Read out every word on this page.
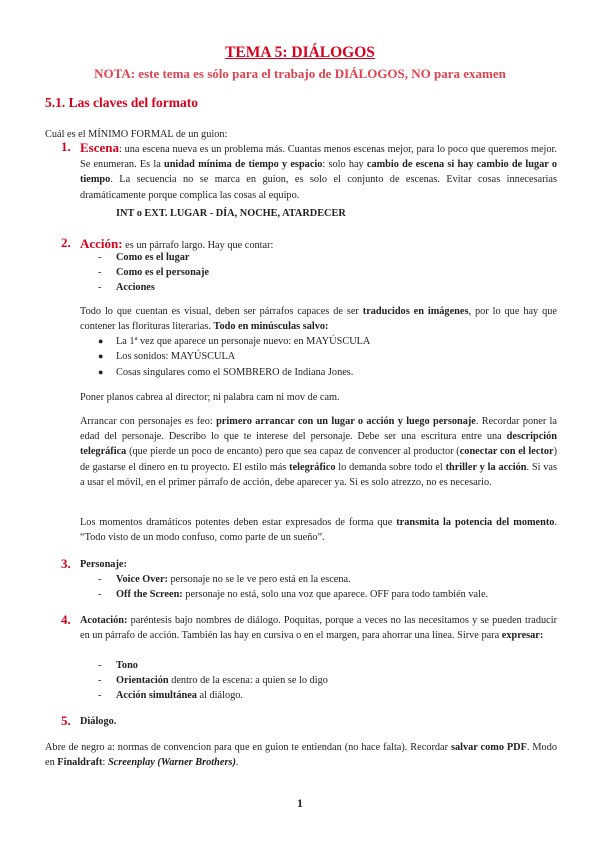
TEMA 5: DIÁLOGOS
NOTA: este tema es sólo para el trabajo de DIÁLOGOS, NO para examen
5.1. Las claves del formato
Cuál es el MÍNIMO FORMAL de un guion:
1. Escena: una escena nueva es un problema más. Cuantas menos escenas mejor, para lo poco que queremos mejor. Se enumeran. Es la unidad mínima de tiempo y espacio: solo hay cambio de escena si hay cambio de lugar o tiempo. La secuencia no se marca en guion, es solo el conjunto de escenas. Evitar cosas innecesarias dramáticamente porque complica las cosas al equipo.
INT o EXT. LUGAR - DÍA, NOCHE, ATARDECER
2. Acción: es un párrafo largo. Hay que contar:
-	Como es el lugar
-	Como es el personaje
-	Acciones
Todo lo que cuentan es visual, deben ser párrafos capaces de ser traducidos en imágenes, por lo que hay que contener las florituras literarias. Todo en minúsculas salvo:
● La 1ª vez que aparece un personaje nuevo: en MAYÚSCULA
● Los sonidos: MAYÚSCULA
● Cosas singulares como el SOMBRERO de Indiana Jones.
Poner planos cabrea al director; ni palabra cam ni mov de cam.
Arrancar con personajes es feo: primero arrancar con un lugar o acción y luego personaje. Recordar poner la edad del personaje. Describo lo que te interese del personaje. Debe ser una escritura entre una descripción telegráfica (que pierde un poco de encanto) pero que sea capaz de convencer al productor (conectar con el lector) de gastarse el dinero en tu proyecto. El estilo más telegráfico lo demanda sobre todo el thriller y la acción. Si vas a usar el móvil, en el primer párrafo de acción, debe aparecer ya. Si es solo atrezzo, no es necesario.
Los momentos dramáticos potentes deben estar expresados de forma que transmita la potencia del momento. “Todo visto de un modo confuso, como parte de un sueño”.
3. Personaje:
-	Voice Over: personaje no se le ve pero está en la escena.
-	Off the Screen: personaje no está, solo una voz que aparece. OFF para todo también vale.
4. Acotación: paréntesis bajo nombres de diálogo. Poquitas, porque a veces no las necesitamos y se pueden traducir en un párrafo de acción. También las hay en cursiva o en el margen, para ahorrar una línea. Sirve para expresar:
-	Tono
-	Orientación dentro de la escena: a quien se lo digo
-	Acción simultánea al diálogo.
5. Diálogo.
Abre de negro a: normas de convencion para que en guion te entiendan (no hace falta). Recordar salvar como PDF. Modo en Finaldraft: Screenplay (Warner Brothers).
1
